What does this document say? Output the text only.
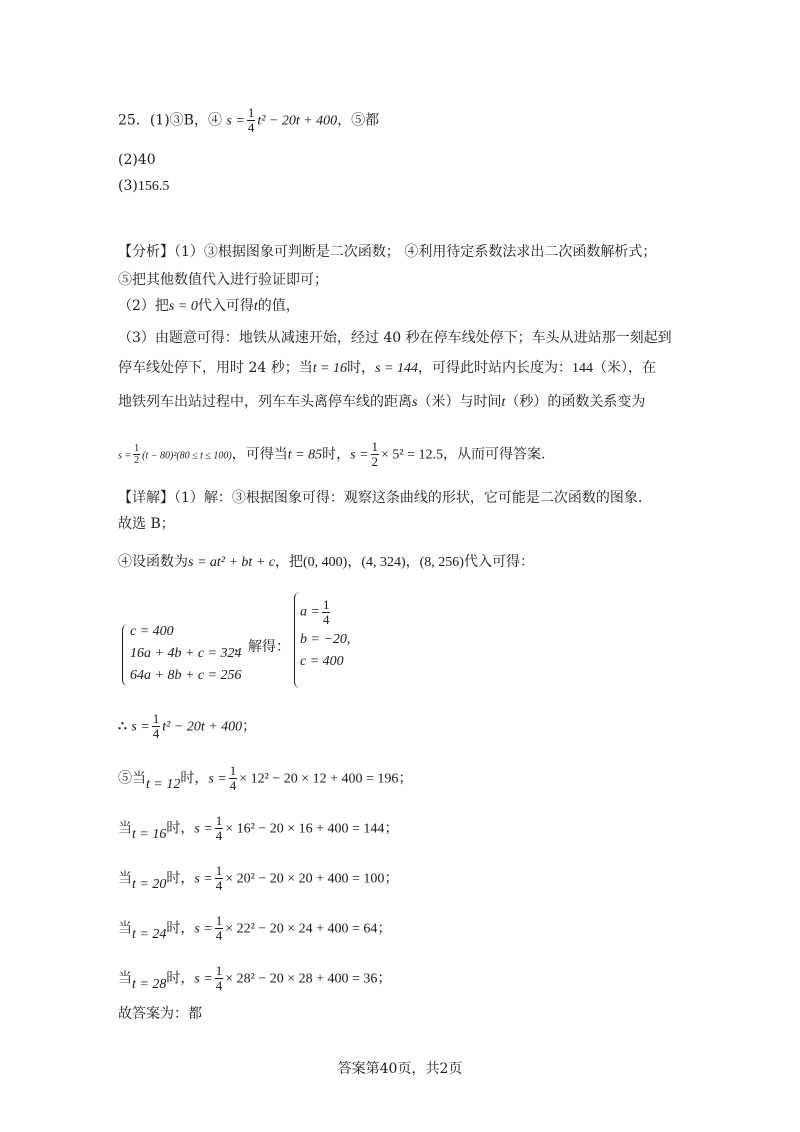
25．(1)③B，④ $s = \frac{1}{4} t^2 - 20t + 400$，⑤都
(2)40
(3)156.5
【分析】（1）③根据图象可判断是二次函数； ④利用待定系数法求出二次函数解析式；
⑤把其他数值代入进行验证即可；
（2）把s = 0代入可得t的值，
（3）由题意可得：地铁从减速开始，经过 40 秒在停车线处停下；车头从进站那一刻起到
停车线处停下，用时 24 秒；当t = 16时，s = 144，可得此时站内长度为：144（米），在
地铁列车出站过程中，列车车头离停车线的距离s（米）与时间t（秒）的函数关系变为
$s = \frac{1}{2} (t - 80)^2(80 \le t \le 100)$，可得当t = 85时，$s = \frac{1}{2} \times 5^2 = 12.5$，从而可得答案.
【详解】（1）解：③根据图象可得：观察这条曲线的形状，它可能是二次函数的图象.
故选 B；
④设函数为s = at² + bt + c，把(0, 400)，(4, 324)，(8, 256)代入可得：
c = 400
16a + 4b + c = 324
64a + 8b + c = 256
，解得：
$a = \frac{1}{4}$
b = −20,
c = 400
∴ $s = \frac{1}{4} t^2 - 20t + 400$；
⑤当t = 12时，$s = \frac{1}{4} \times 12^2 - 20 \times 12 + 400 = 196$；
当t = 16时，$s = \frac{1}{4} \times 16^2 - 20 \times 16 + 400 = 144$；
当t = 20时，$s = \frac{1}{4} \times 20^2 - 20 \times 20 + 400 = 100$；
当t = 24时，$s = \frac{1}{4} \times 22^2 - 20 \times 24 + 400 = 64$；
当t = 28时，$s = \frac{1}{4} \times 28^2 - 20 \times 28 + 400 = 36$；
故答案为：都
答案第40页，共2页
